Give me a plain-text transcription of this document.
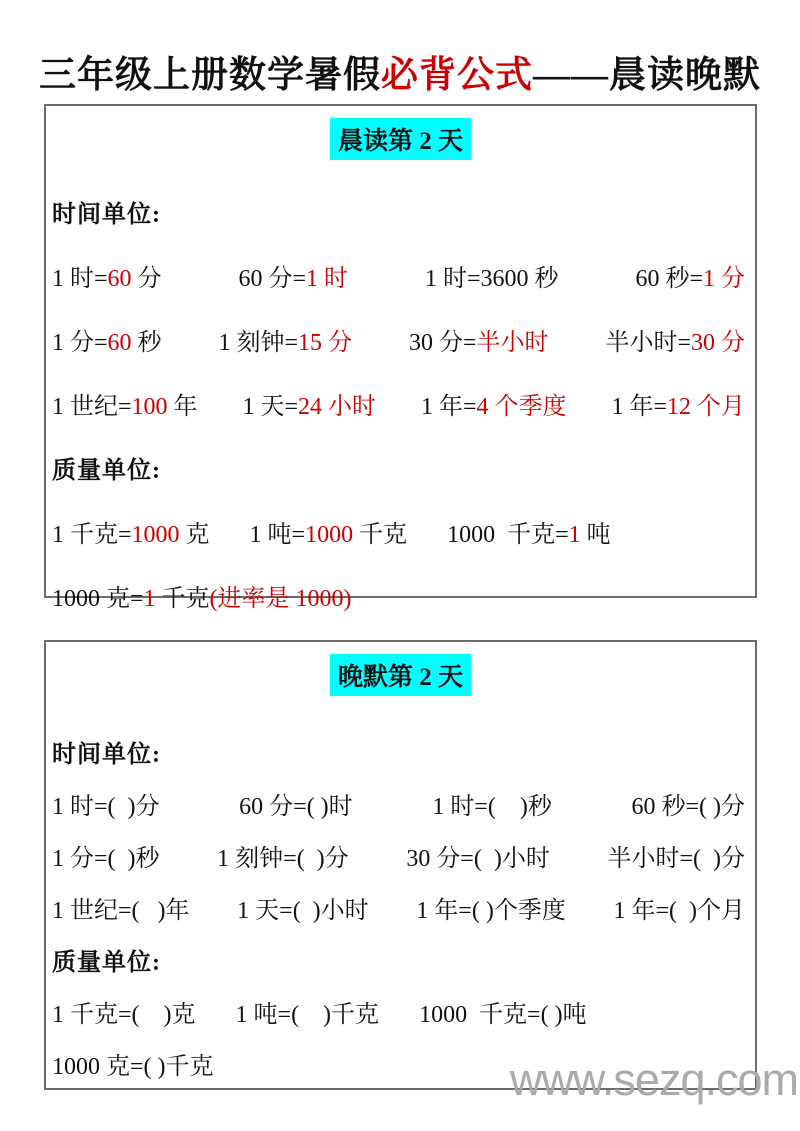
三年级上册数学暑假必背公式——晨读晚默
晨读第 2 天
时间单位:
1 时=60 分	60 分=1 时	1 时=3600 秒	60 秒=1 分
1 分=60 秒 1 刻钟=15 分 30 分=半小时 半小时=30 分
1 世纪=100 年 1 天=24 小时 1 年=4 个季度 1 年=12 个月
质量单位:
1 千克=1000 克 1 吨=1000 千克 1000  千克=1 吨
1000 克=1 千克(进率是 1000)
晚默第 2 天
时间单位:
1 时=(  )分	60 分=( )时	1 时=(    )秒	60 秒=( )分
1 分=(  )秒 1 刻钟=(  )分 30 分=(  )小时 半小时=(  )分
1 世纪=(   )年 1 天=(  )小时 1 年=( )个季度 1 年=(  )个月
质量单位:
1 千克=(    )克 1 吨=(    )千克 1000  千克=( )吨
1000 克=( )千克	www.sezq.com
